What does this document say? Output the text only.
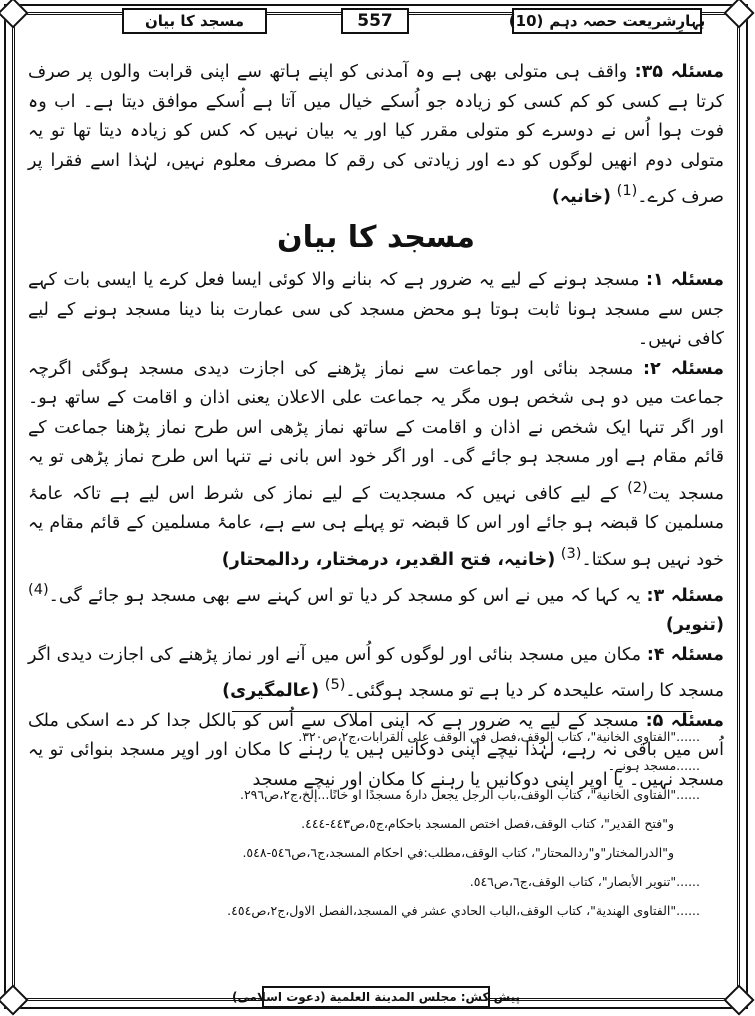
بہارِشریعت حصہ دہم
(10)
557
مسجد کا بیان

مسئلہ ۳۵: واقف ہی متولی بھی ہے وہ آمدنی کو اپنے ہاتھ سے اپنی قرابت والوں پر صرف کرتا ہے کسی کو کم کسی کو زیادہ جو اُسکے خیال میں آتا ہے اُسکے موافق دیتا ہے۔ اب وہ فوت ہوا اُس نے دوسرے کو متولی مقرر کیا اور یہ بیان نہیں کہ کس کو زیادہ دیتا تھا تو یہ متولی دوم انھیں لوگوں کو دے اور زیادتی کی رقم کا مصرف معلوم نہیں، لہٰذا اسے فقرا پر صرف کرے۔$^{(1)}$ (خانیہ)

مسجد کا بیان

مسئلہ ۱: مسجد ہونے کے لیے یہ ضرور ہے کہ بنانے والا کوئی ایسا فعل کرے یا ایسی بات کہے جس سے مسجد ہونا ثابت ہوتا ہو محض مسجد کی سی عمارت بنا دینا مسجد ہونے کے لیے کافی نہیں۔

مسئلہ ۲: مسجد بنائی اور جماعت سے نماز پڑھنے کی اجازت دیدی مسجد ہوگئی اگرچہ جماعت میں دو ہی شخص ہوں مگر یہ جماعت علی الاعلان یعنی اذان و اقامت کے ساتھ ہو۔ اور اگر تنہا ایک شخص نے اذان و اقامت کے ساتھ نماز پڑھی اس طرح نماز پڑھنا جماعت کے قائم مقام ہے اور مسجد ہو جائے گی۔ اور اگر خود اس بانی نے تنہا اس طرح نماز پڑھی تو یہ مسجد یت$^{(2)}$ کے لیے کافی نہیں کہ مسجدیت کے لیے نماز کی شرط اس لیے ہے تاکہ عامۂ مسلمین کا قبضہ ہو جائے اور اس کا قبضہ تو پہلے ہی سے ہے، عامۂ مسلمین کے قائم مقام یہ خود نہیں ہو سکتا۔$^{(3)}$ (خانیہ، فتح القدیر، درمختار، ردالمحتار)

مسئلہ ۳: یہ کہا کہ میں نے اس کو مسجد کر دیا تو اس کہنے سے بھی مسجد ہو جائے گی۔$^{(4)}$ (تنویر)

مسئلہ ۴: مکان میں مسجد بنائی اور لوگوں کو اُس میں آنے اور نماز پڑھنے کی اجازت دیدی اگر مسجد کا راستہ علیحدہ کر دیا ہے تو مسجد ہوگئی۔$^{(5)}$ (عالمگیری)

مسئلہ ۵: مسجد کے لیے یہ ضرور ہے کہ اپنی املاک سے اُس کو بالکل جدا کر دے اسکی ملک اُس میں باقی نہ رہے، لہٰذا نیچے اپنی دوکانیں ہیں یا رہنے کا مکان اور اوپر مسجد بنوائی تو یہ مسجد نہیں۔ یا اوپر اپنی دوکانیں یا رہنے کا مکان اور نیچے مسجد

......"الفتاوی الخانية"، كتاب الوقف،فصل في الوقف على القرابات،ج٢،ص٣٢٠.
......مسجد ہونے۔
......"الفتاوی الخانية"، كتاب الوقف،باب الرجل يجعل دارهٗ مسجدًا او خانًا...إلخ،ج٢،ص٢٩٦.
و"فتح القدير"، كتاب الوقف،فصل اختص المسجد باحكام،ج٥،ص٤٤٣-٤٤٤.
و"الدرالمختار"و"ردالمحتار"، كتاب الوقف،مطلب:في احكام المسجد،ج٦،ص٥٤٦-٥٤٨.
......"تنوير الأبصار"، كتاب الوقف،ج٦،ص٥٤٦.
......"الفتاوی الهندية"، كتاب الوقف،الباب الحادي عشر في المسجد،الفصل الاول،ج٢،ص٤٥٤.
پیش کش:
مجلس المدينة العلمية
(دعوت اسلامی)
